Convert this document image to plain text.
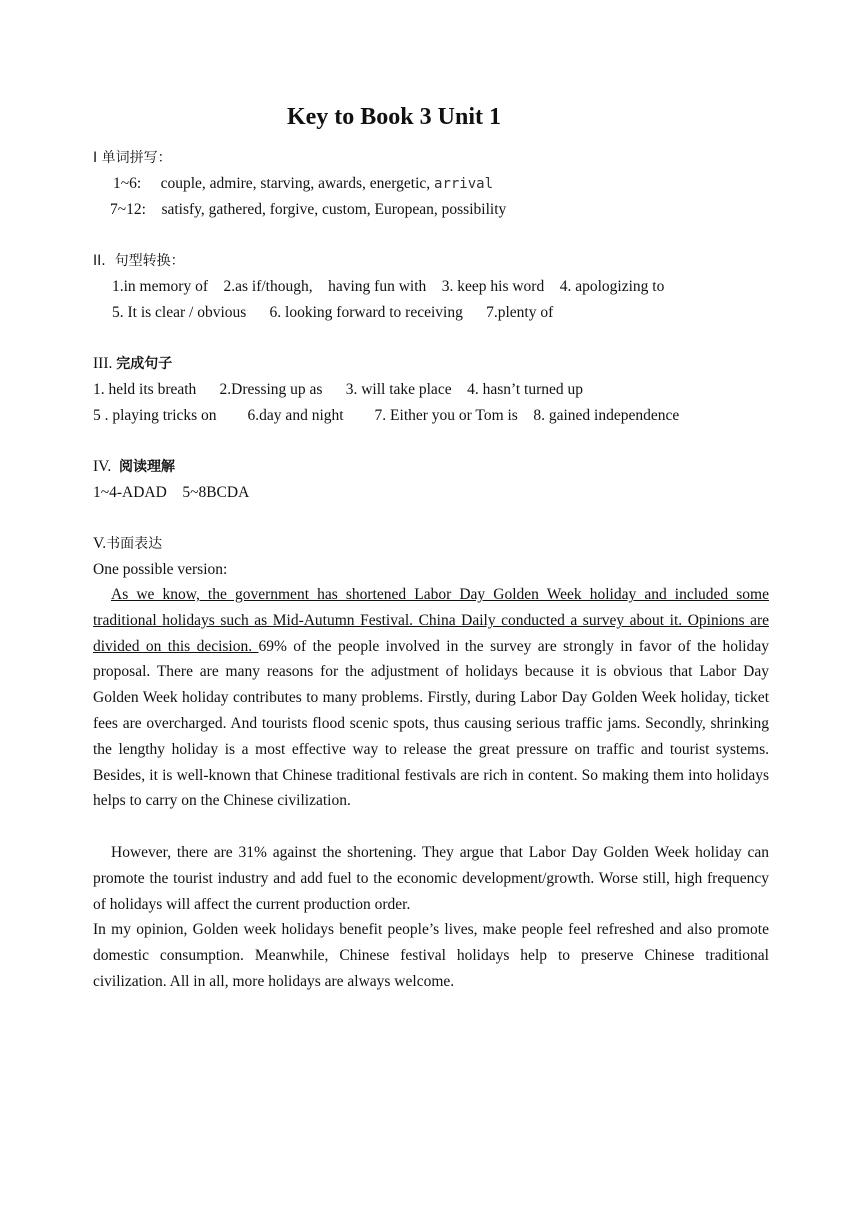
Key to Book 3 Unit 1
I 单词拼写：
1~6:     couple, admire, starving, awards, energetic, arrival
7~12:    satisfy, gathered, forgive, custom, European, possibility
II.  句型转换：
1.in memory of    2.as if/though,    having fun with    3. keep his word    4. apologizing to
5. It is clear / obvious      6. looking forward to receiving      7.plenty of
III. 完成句子
1. held its breath      2.Dressing up as      3. will take place    4. hasn’t turned up
5 . playing tricks on        6.day and night        7. Either you or Tom is    8. gained independence
IV.  阅读理解
1~4-ADAD    5~8BCDA
V.书面表达
One possible version:
As we know, the government has shortened Labor Day Golden Week holiday and included some traditional holidays such as Mid-Autumn Festival. China Daily conducted a survey about it. Opinions are divided on this decision. 69% of the people involved in the survey are strongly in favor of the holiday proposal. There are many reasons for the adjustment of holidays because it is obvious that Labor Day Golden Week holiday contributes to many problems. Firstly, during Labor Day Golden Week holiday, ticket fees are overcharged. And tourists flood scenic spots, thus causing serious traffic jams. Secondly, shrinking the lengthy holiday is a most effective way to release the great pressure on traffic and tourist systems. Besides, it is well-known that Chinese traditional festivals are rich in content. So making them into holidays helps to carry on the Chinese civilization.
However, there are 31% against the shortening. They argue that Labor Day Golden Week holiday can promote the tourist industry and add fuel to the economic development/growth. Worse still, high frequency of holidays will affect the current production order.
In my opinion, Golden week holidays benefit people’s lives, make people feel refreshed and also promote domestic consumption. Meanwhile, Chinese festival holidays help to preserve Chinese traditional civilization. All in all, more holidays are always welcome.
